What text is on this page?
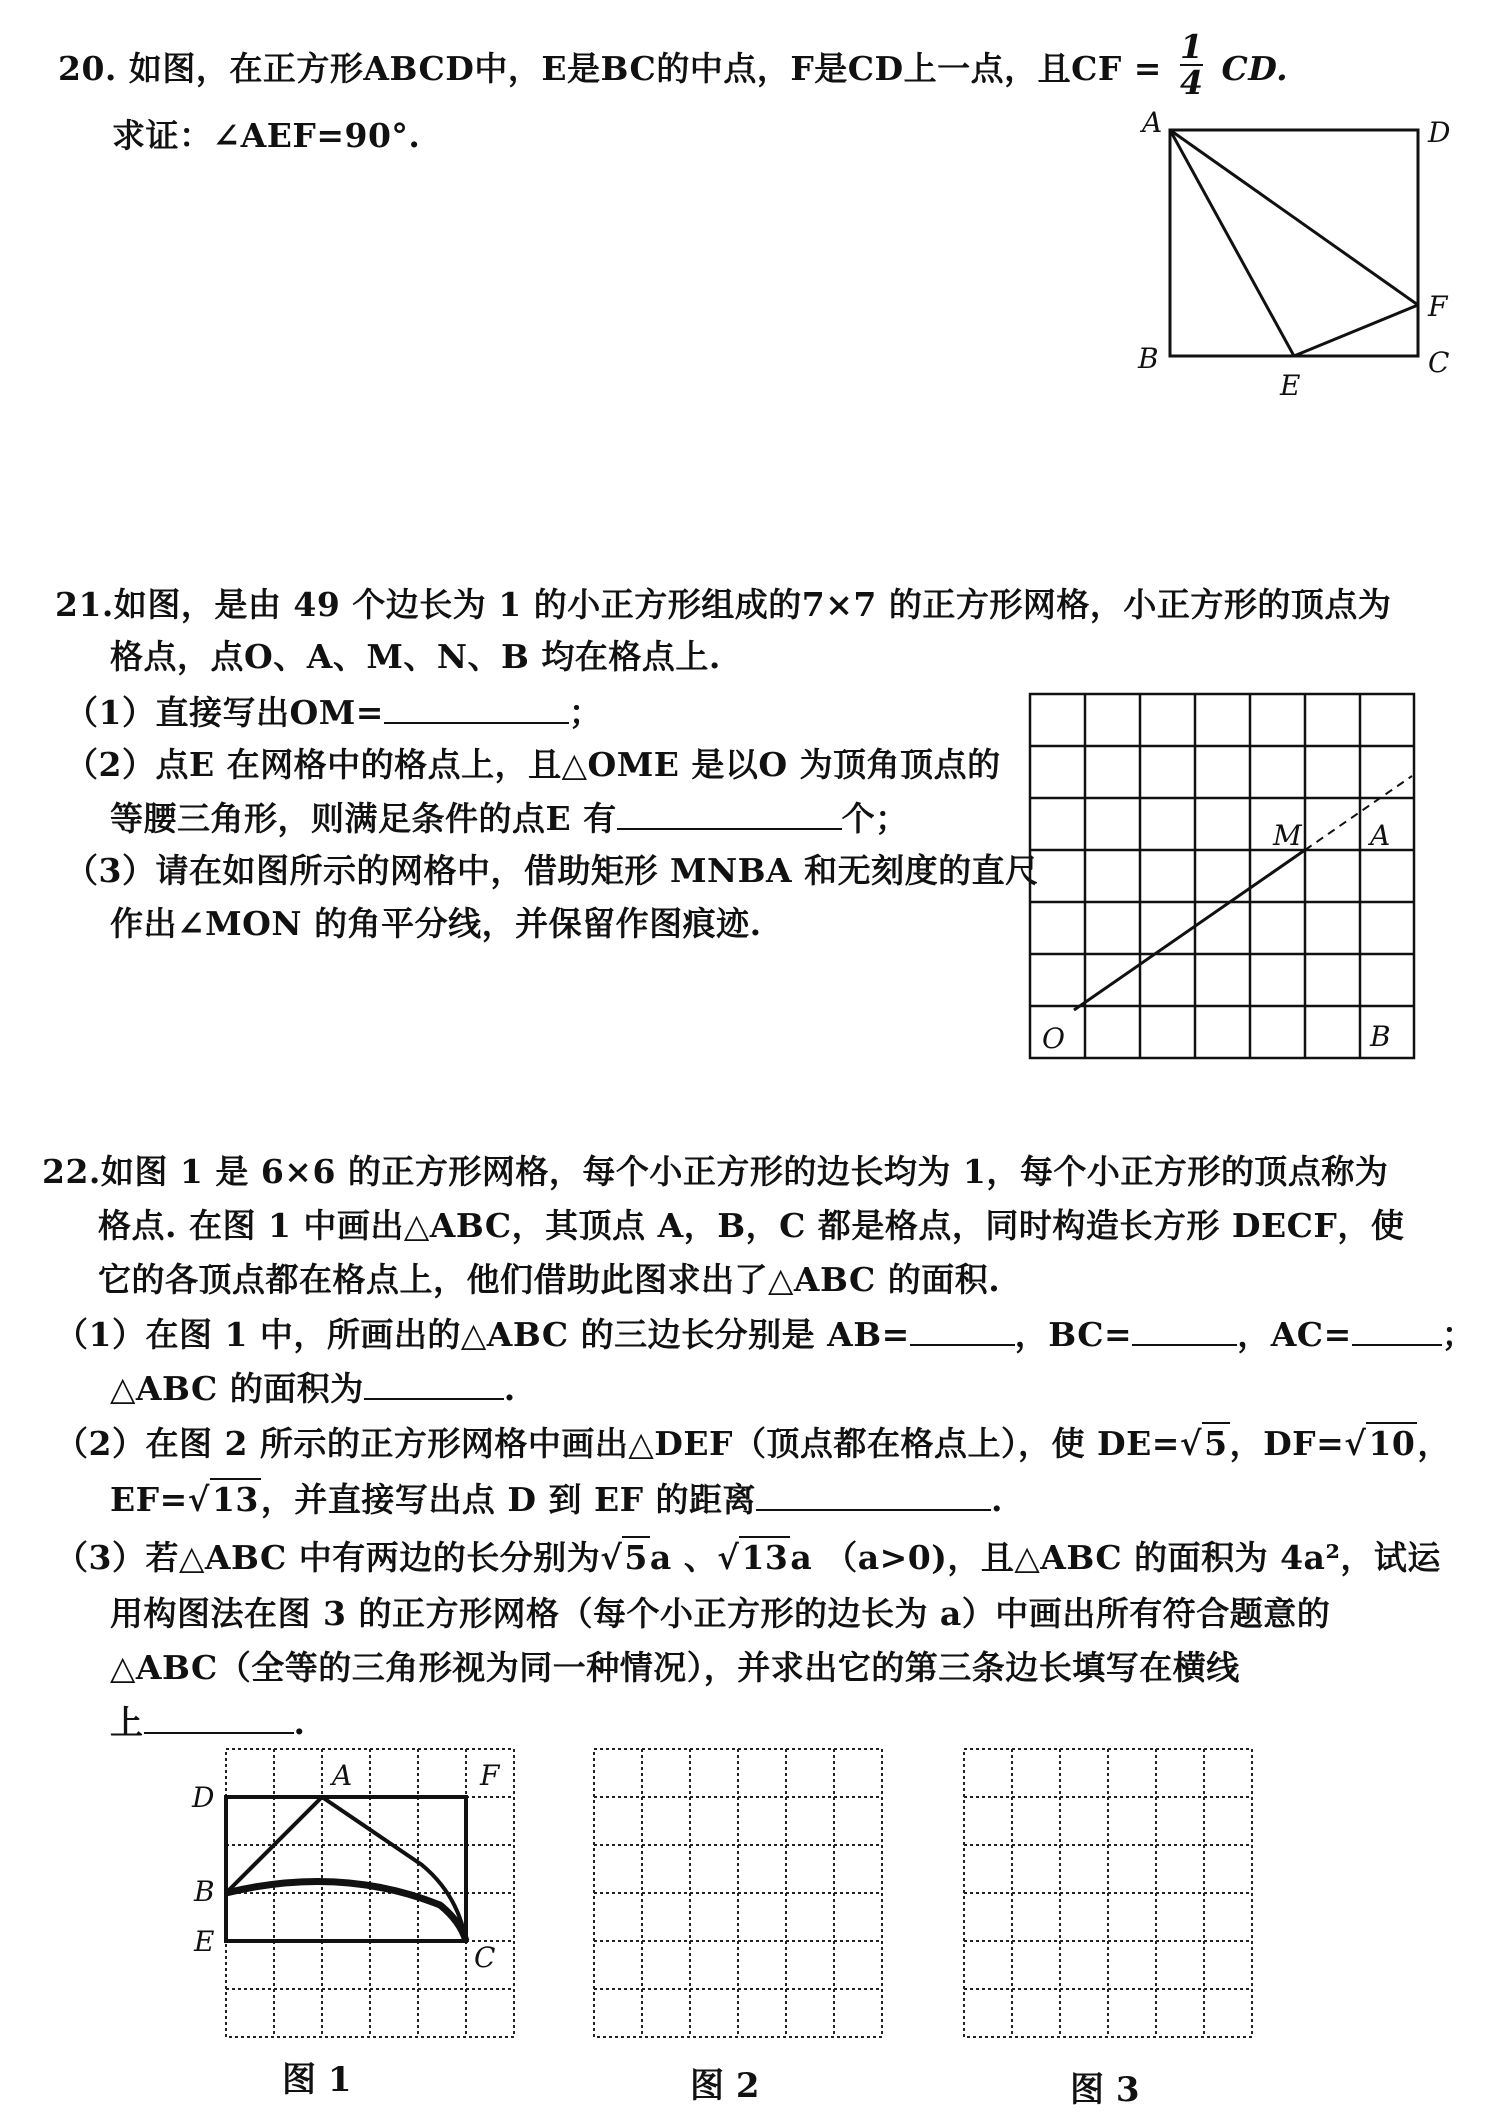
20. 如图，在正方形ABCD中，E是BC的中点，F是CD上一点，且CF = $\frac{1}{4}$ CD.
求证：∠AEF=90°.	A	D
B	C
E
F
21.如图，是由 49 个边长为 1 的小正方形组成的7×7 的正方形网格，小正方形的顶点为
格点，点O、A、M、N、B 均在格点上.
（1）直接写出OM=	；
（2）点E 在网格中的格点上，且△OME 是以O 为顶角顶点的
等腰三角形，则满足条件的点E 有	个；
（3）请在如图所示的网格中，借助矩形 MNBA 和无刻度的直尺
作出∠MON 的角平分线，并保留作图痕迹.
O	B
M A
22.如图 1 是 6×6 的正方形网格，每个小正方形的边长均为 1，每个小正方形的顶点称为
格点. 在图 1 中画出△ABC，其顶点 A，B，C 都是格点，同时构造长方形 DECF，使
它的各顶点都在格点上，他们借助此图求出了△ABC 的面积.
（1）在图 1 中，所画出的△ABC 的三边长分别是 AB=	，BC=	，AC=	；
△ABC 的面积为	.
（2）在图 2 所示的正方形网格中画出△DEF（顶点都在格点上），使 DE=√5，DF=√10，
EF=√13，并直接写出点 D 到 EF 的距离	.
（3）若△ABC 中有两边的长分别为√5a 、√13a （a>0)，且△ABC 的面积为 4a²，试运
用构图法在图 3 的正方形网格（每个小正方形的边长为 a）中画出所有符合题意的
△ABC（全等的三角形视为同一种情况），并求出它的第三条边长填写在横线
上	.
D
A	F
B
E	C
图 1	图 2	图 3
